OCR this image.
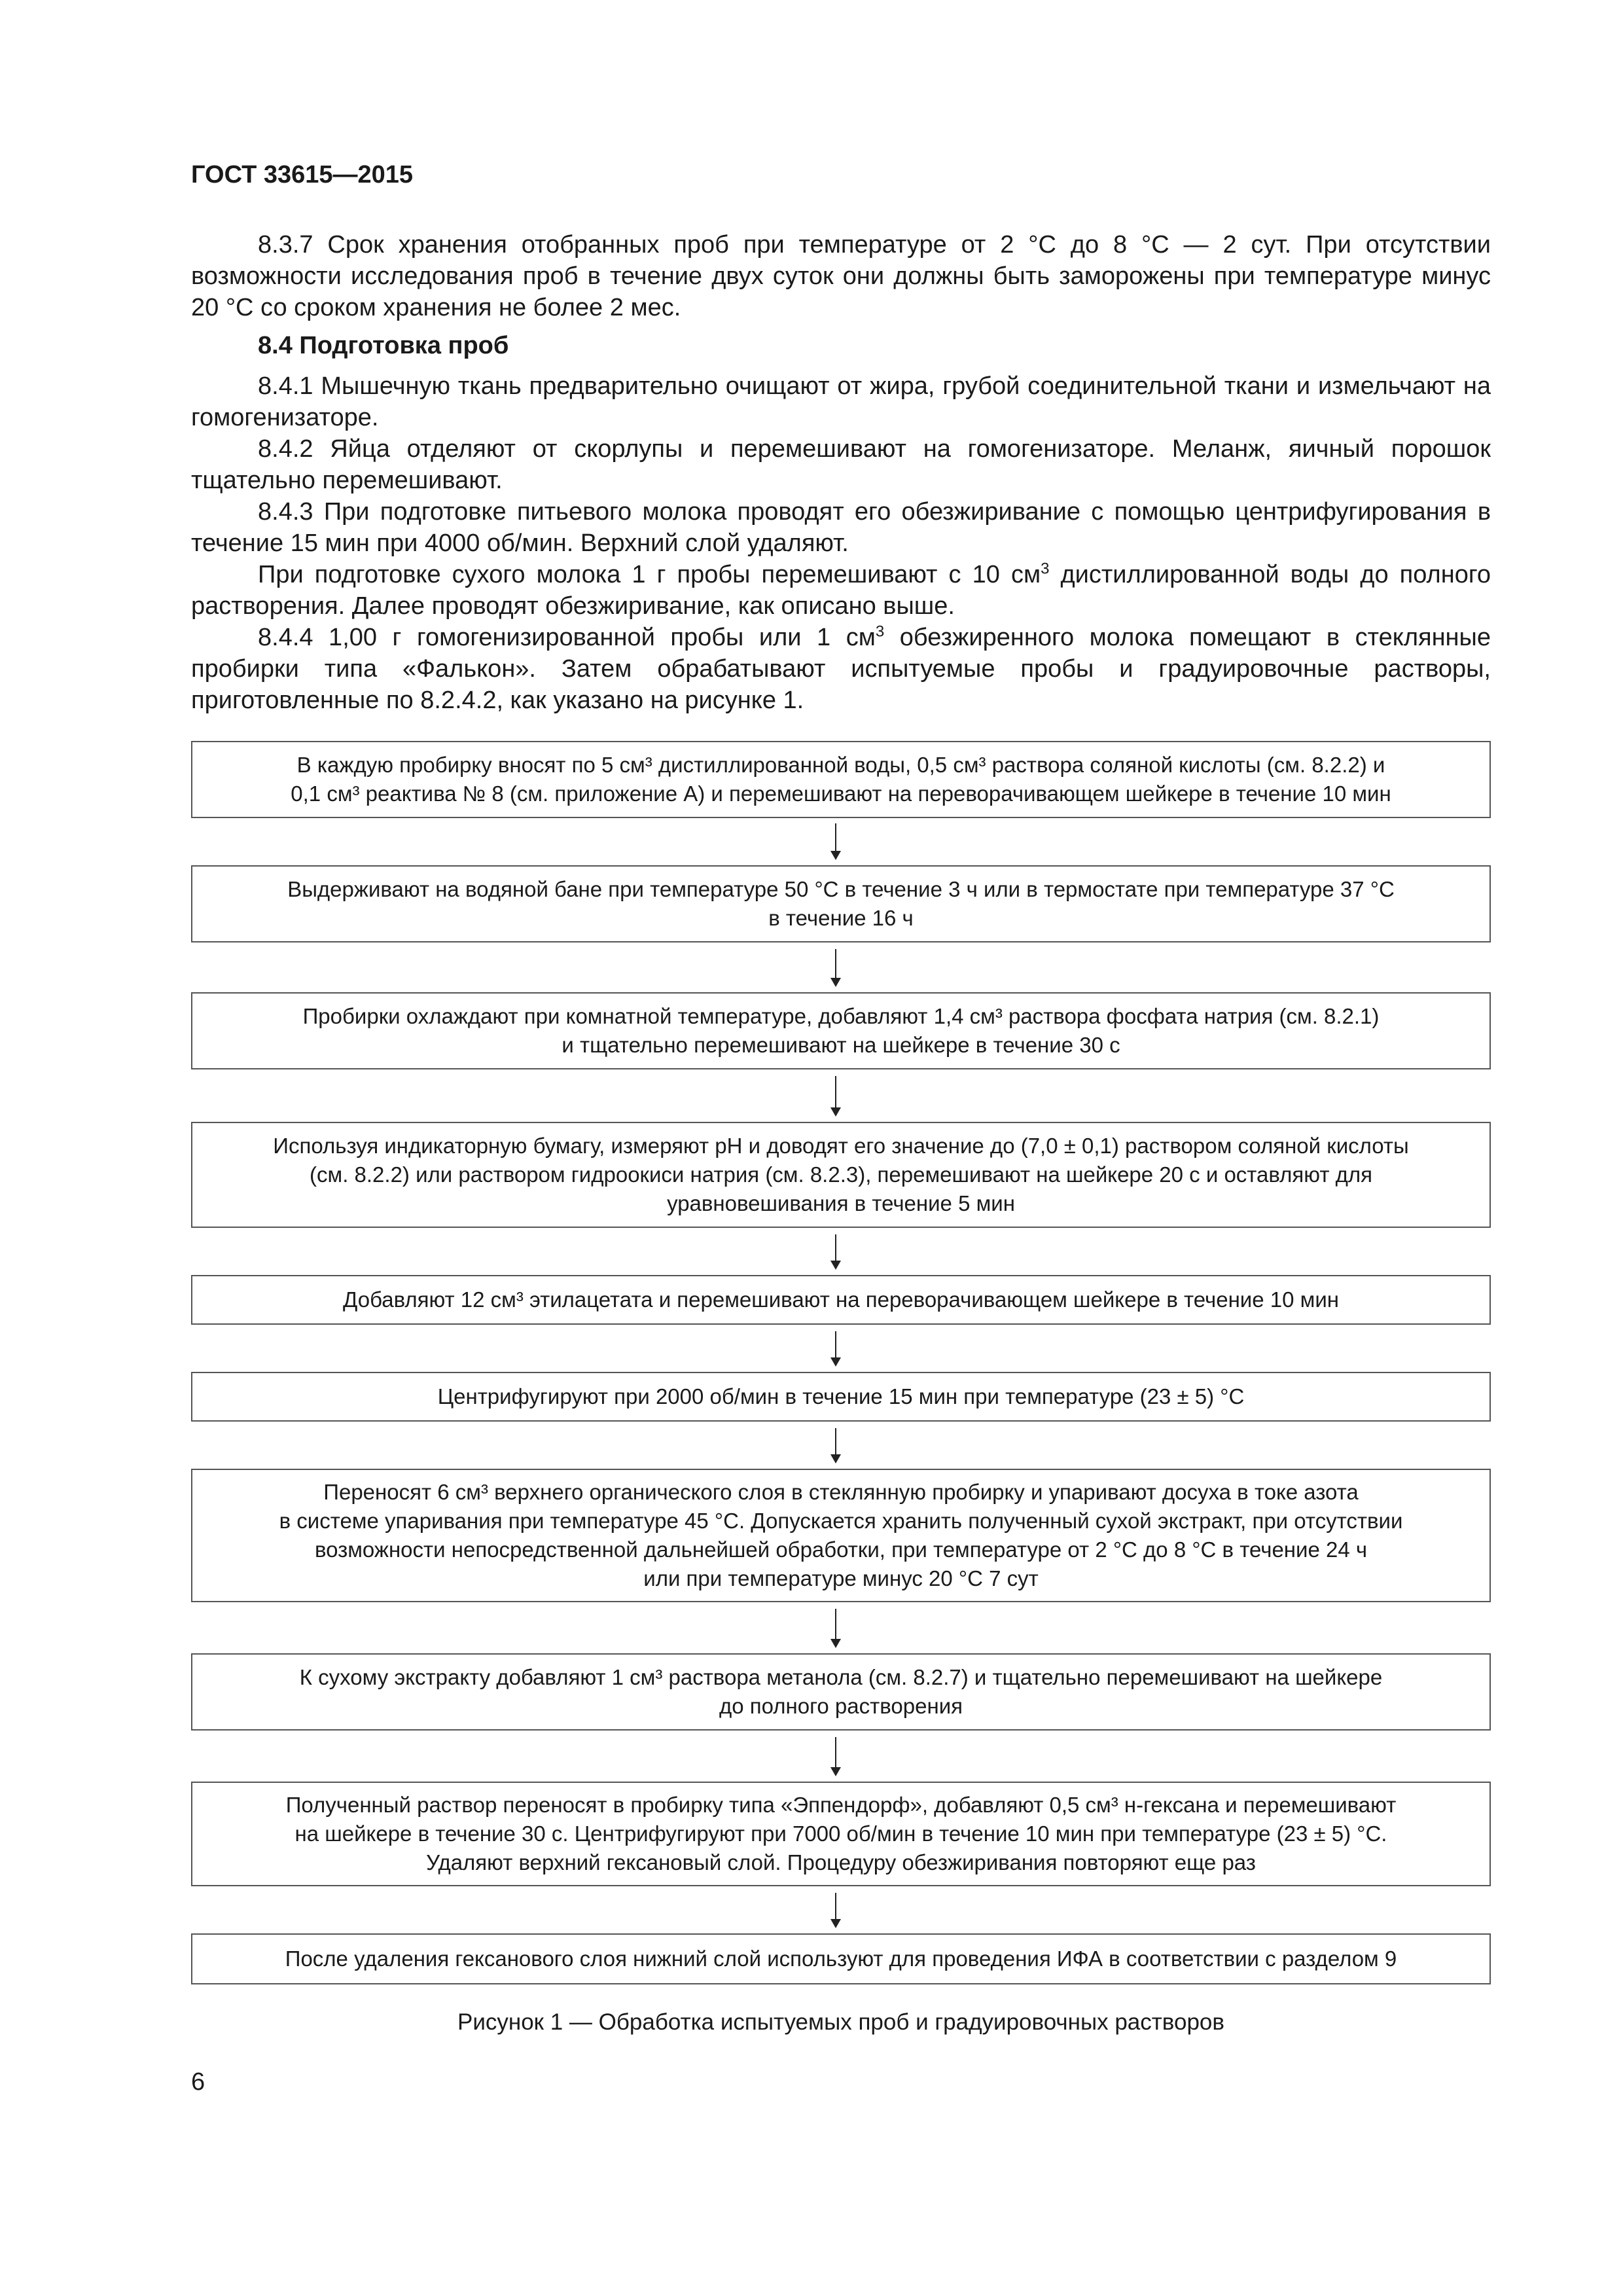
ГОСТ 33615—2015

8.3.7 Срок хранения отобранных проб при температуре от 2 °С до 8 °С — 2 сут. При отсутствии возможности исследования проб в течение двух суток они должны быть заморожены при температуре минус 20 °С со сроком хранения не более 2 мес.

8.4 Подготовка проб

8.4.1 Мышечную ткань предварительно очищают от жира, грубой соединительной ткани и измельчают на гомогенизаторе.

8.4.2 Яйца отделяют от скорлупы и перемешивают на гомогенизаторе. Меланж, яичный порошок тщательно перемешивают.

8.4.3 При подготовке питьевого молока проводят его обезжиривание с помощью центрифугирования в течение 15 мин при 4000 об/мин. Верхний слой удаляют.

При подготовке сухого молока 1 г пробы перемешивают с 10 $см^3$ дистиллированной воды до полного растворения. Далее проводят обезжиривание, как описано выше.

8.4.4 1,00 г гомогенизированной пробы или 1 $см^3$ обезжиренного молока помещают в стеклянные пробирки типа «Фалькон». Затем обрабатывают испытуемые пробы и градуировочные растворы, приготовленные по 8.2.4.2, как указано на рисунке 1.

В каждую пробирку вносят по 5 см³ дистиллированной воды, 0,5 см³ раствора соляной кислоты (см. 8.2.2) и
0,1 см³ реактива № 8 (см. приложение А) и перемешивают на переворачивающем шейкере в течение 10 мин
Выдерживают на водяной бане при температуре 50 °С в течение 3 ч или в термостате при температуре 37 °С
в течение 16 ч
Пробирки охлаждают при комнатной температуре, добавляют 1,4 см³ раствора фосфата натрия (см. 8.2.1)
и тщательно перемешивают на шейкере в течение 30 с
Используя индикаторную бумагу, измеряют рН и доводят его значение до (7,0 ± 0,1) раствором соляной кислоты
(см. 8.2.2) или раствором гидроокиси натрия (см. 8.2.3), перемешивают на шейкере 20 с и оставляют для
уравновешивания в течение 5 мин
Добавляют 12 см³ этилацетата и перемешивают на переворачивающем шейкере в течение 10 мин
Центрифугируют при 2000 об/мин в течение 15 мин при температуре (23 ± 5) °С
Переносят 6 см³ верхнего органического слоя в стеклянную пробирку и упаривают досуха в токе азота
в системе упаривания при температуре 45 °С. Допускается хранить полученный сухой экстракт, при отсутствии
возможности непосредственной дальнейшей обработки, при температуре от 2 °С до 8 °С в течение 24 ч
или при температуре минус 20 °С 7 сут
К сухому экстракту добавляют 1 см³ раствора метанола (см. 8.2.7) и тщательно перемешивают на шейкере
до полного растворения
Полученный раствор переносят в пробирку типа «Эппендорф», добавляют 0,5 см³ н-гексана и перемешивают
на шейкере в течение 30 с. Центрифугируют при 7000 об/мин в течение 10 мин при температуре (23 ± 5) °С.
Удаляют верхний гексановый слой. Процедуру обезжиривания повторяют еще раз
После удаления гексанового слоя нижний слой используют для проведения ИФА в соответствии с разделом 9
Рисунок 1 — Обработка испытуемых проб и градуировочных растворов
6
